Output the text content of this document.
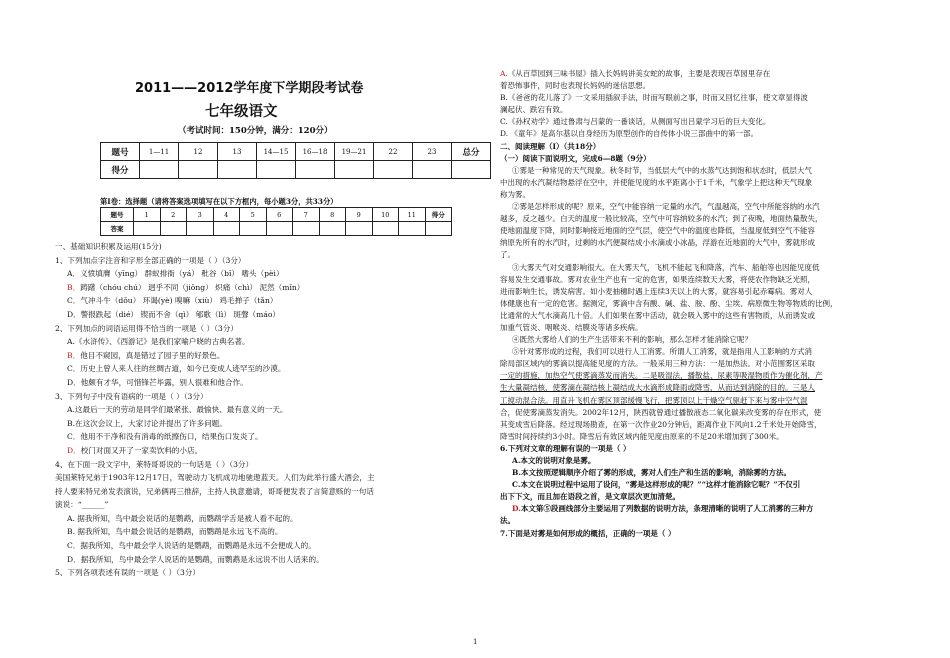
2011——2012学年度下学期段考试卷
七年级语文
（考试时间：150分钟，满分：120分）
题号	1—11	12	13	14—15	16—18	19—21	22	23	总分
得分									
第Ⅰ卷：选择题（请将答案选项填写在以下方框内，每小题3分，共33分）
题号	1	2	3	4	5	6	7	8	9	10	11	得分
答案												
一、基础知识积累及运用(15分)
1、下列加点字注音和字形全部正确的一项是（ ）（3分）
A．义愤填膺（yīng） 群蚁排衙（yá） 秕谷（bǐ） 嗜头（pèi）
B．踌躇（chóu chú） 迥乎不同（jiǒng） 炽痛（chì） 泥然（mǐn）
C．气冲斗牛（dǒu） 环谒(yè) 嗅嘛（xiù） 鸡毛掸子（tǎn）
D．警报跌起（dié） 锲而不舍（qì） 郇歌（lì） 斑聲（máo）
2、下列加点的词语运用得不恰当的一项是（ ）（3分）
A.《水浒传》、《西游记》是我们家喻户晓的古典名著。
B．他目不窥园，真是错过了园子里的好景色。
C．历史上曾人来人往的丝绸古道，如今已变成人迹罕至的沙漠。
D．他颇有才华，可惜锋芒毕露，别人很难和他合作。
3、下列句子中没有语病的一项是（ ）（3分）
A.这最后一天的劳动是同学们最紧张、最愉快、最有意义的一天。
B.在这次会议上，大家讨论并提出了许多问题。
C．他用不干净和没有消毒的纸擦伤口，结果伤口发炎了。
D．校门对面又开了一家卖饮料的小店。
4、在下面一段文字中，莱特哥哥说的一句话是（ ）（3分）
美国莱特兄弟于1903年12月17日，驾驶动力飞机成功地驰遨蓝天。人们为此举行盛大酒会，主
持人要来特兄弟发表演说，兄弟俩再三推辞，主持人执意邀请，哥哥便发表了言简意赅的一句话
演说：“______”
A. 据我所知，鸟中最会说话的是鹦鹉，而鹦鹉学舌是被人看不起的。
B. 据我所知，鸟中最会说话的是鹦鹉，而鹦鹉是永远飞不高的。
C．据我所知，鸟中最会学人说话的是鹦鹉，而鹦鹉是永远不会便成人的。
D．据我所知，鸟中最会学人说话的是鹦鹉，而鹦鹉是永远说不出人话来的。
5、下列各项表述有误的一项是（ ）（3分）
A.《从百草园到三味书屋》插入长妈妈讲美女蛇的故事，主要是表现百草园里存在
着恐怖事件，同时也表现长妈妈的迷信思想。
B.《爸爸的花儿落了》一文采用插叙手法，时而写眼前之事，时而又回忆往事，使文章显得波
澜起伏、跌宕有致。
C.《孙权劝学》通过鲁肃与吕蒙的一番谈话，从侧面写出吕蒙学习后的巨大变化。
D. 《童年》是高尔基以自身经历为原型创作的自传体小说三部曲中的第一部。
二、阅读理解（Ⅰ）（共18分）
（一）阅读下面说明文，完成6—8题（9分）
①雾是一种常见的天气现象。秋冬时节，当低层大气中的水蒸气达到饱和状态时，低层大气
中出现的水汽凝结物悬浮在空中，并使能见度的水平距离小于1千米，气象学上把这种天气现象
称为雾。
②雾是怎样形成的呢？原来，空气中能容纳一定量的水汽，气温越高，空气中所能容纳的水汽
越多，反之越少。白天的温度一般比较高，空气中可容纳较多的水汽；到了夜晚，地面热量散失，
使地面温度下降，同时影响接近地面的空气层，使空气中的温度也降低，当温度低到空气不能容
纳原先所有的水汽时，过剩的水汽便凝结成小水滴或小冰晶，浮游在近地面的大气中，雾就形成
了。
③大雾天气对交通影响很大。在大雾天气，飞机不能起飞和降落，汽车、船舶等也因能见度低
容易发生交通事故。雾对农业生产也有一定的危害，如果连续数天大雾，将使农作物缺乏光照，
进而影响生长，诱发病害。如小麦抽穗时遇上连续3天以上的大雾，就容易引起赤霉病。雾对人
体健康也有一定的危害。据测定，雾滴中含有酸、碱、盐、胺、酚、尘埃、病原微生物等物质的比例，
比通常的大气水滴高几十倍。人们如果在雾中活动，就会吸入雾中的这些有害物质，从而诱发或
加重气管炎、咽喉炎、结膜炎等诸多疾病。
④既然大雾给人们的生产生活带来不利的影响，那么怎样才能消除它呢？
⑤针对雾形成的过程，我们可以进行人工消雾。所谓人工消雾，就是指用人工影响的方式消
除局部区域内的雾滴以提高能见度的方法。一般采用三种方法：一是加热法。对小范围雾区采取
一定的措施，加热空气使雾滴蒸发而消失。二是吸湿法，播散盐、尿素等吸湿物质作为催化剂，产
生大量凝结核，使雾滴在凝结核上凝结成大水滴形成降雨或降雪，从而达到消除的目的。三是人
工搅动混合法。用直升飞机在雾区顶部缓慢飞行，把雾顶以上干燥空气驱赶下来与雾中空气混
合，促使雾滴蒸发消失。2002年12月，陕西就曾通过播散液态二氧化碳来改变雾的存在形式，使
其变成雪后降落。经过现场勘查，在第一次作业20分钟后，距离作业下风向1.2千米处开始降雪，
降雪时间持续约3小时。降雪后有效区域内能见度由原来的不足20米增加到了300米。
6.下列对文章的理解有误的一项是（ ）
A.本文的说明对象是雾。
B.本文按照逻辑顺序介绍了雾的形成，雾对人们生产和生活的影响，消除雾的方法。
C.本文在说明过程中运用了设问，“雾是这样形成的呢？”“这样才能消除它呢？”不仅引
出下下文，而且加在语段之首，是文章层次更加清楚。
D.本文第⑤段画线部分主要运用了列数据的说明方法，条理清晰的说明了人工消雾的三种方
法。
7.下面是对雾是如何形成的概括，正确的一项是（ ）
1
